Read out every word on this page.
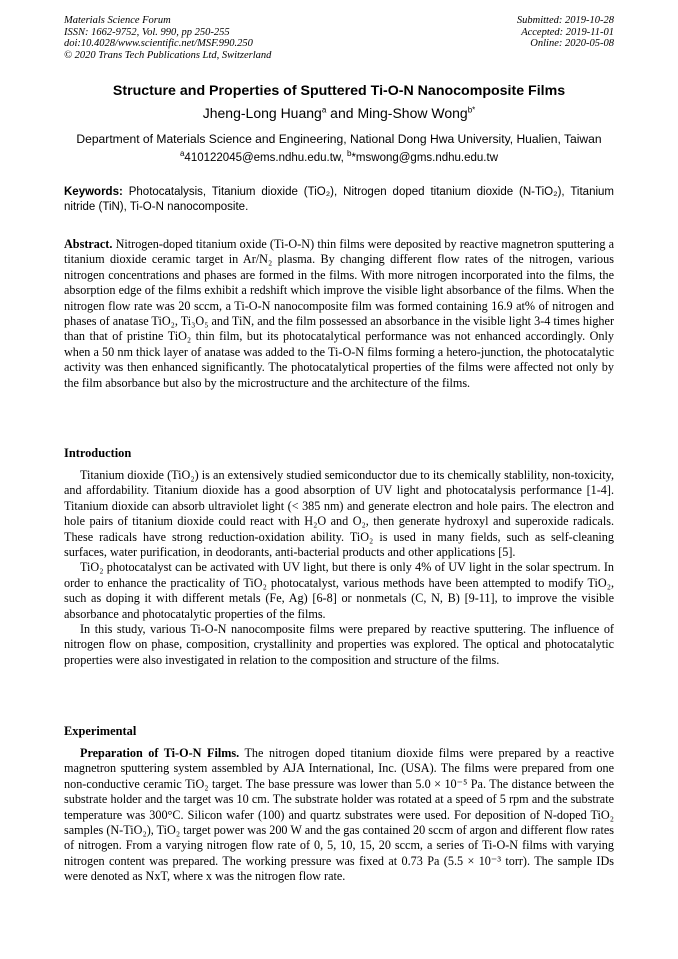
Materials Science Forum
ISSN: 1662-9752, Vol. 990, pp 250-255
doi:10.4028/www.scientific.net/MSF.990.250
© 2020 Trans Tech Publications Ltd, Switzerland
Submitted: 2019-10-28
Accepted: 2019-11-01
Online: 2020-05-08
Structure and Properties of Sputtered Ti-O-N Nanocomposite Films
Jheng-Long Huang$^a$ and Ming-Show Wong$^{b*}$
Department of Materials Science and Engineering, National Dong Hwa University, Hualien, Taiwan
$^a$410122045@ems.ndhu.edu.tw, $^b$*mswong@gms.ndhu.edu.tw
Keywords: Photocatalysis, Titanium dioxide (TiO₂), Nitrogen doped titanium dioxide (N-TiO₂), Titanium nitride (TiN), Ti-O-N nanocomposite.
Abstract. Nitrogen-doped titanium oxide (Ti-O-N) thin films were deposited by reactive magnetron sputtering a titanium dioxide ceramic target in Ar/N₂ plasma. By changing different flow rates of the nitrogen, various nitrogen concentrations and phases are formed in the films. With more nitrogen incorporated into the films, the absorption edge of the films exhibit a redshift which improve the visible light absorbance of the films. When the nitrogen flow rate was 20 sccm, a Ti-O-N nanocomposite film was formed containing 16.9 at% of nitrogen and phases of anatase TiO₂, Ti₃O₅ and TiN, and the film possessed an absorbance in the visible light 3-4 times higher than that of pristine TiO₂ thin film, but its photocatalytical performance was not enhanced accordingly. Only when a 50 nm thick layer of anatase was added to the Ti-O-N films forming a hetero-junction, the photocatalytic activity was then enhanced significantly. The photocatalytical properties of the films were affected not only by the film absorbance but also by the microstructure and the architecture of the films.
Introduction

Titanium dioxide (TiO₂) is an extensively studied semiconductor due to its chemically stablility, non-toxicity, and affordability. Titanium dioxide has a good absorption of UV light and photocatalysis performance [1-4]. Titanium dioxide can absorb ultraviolet light (< 385 nm) and generate electron and hole pairs. The electron and hole pairs of titanium dioxide could react with H₂O and O₂, then generate hydroxyl and superoxide radicals. These radicals have strong reduction-oxidation ability. TiO₂ is used in many fields, such as self-cleaning surfaces, water purification, in deodorants, anti-bacterial products and other applications [5].

TiO₂ photocatalyst can be activated with UV light, but there is only 4% of UV light in the solar spectrum. In order to enhance the practicality of TiO₂ photocatalyst, various methods have been attempted to modify TiO₂, such as doping it with different metals (Fe, Ag) [6-8] or nonmetals (C, N, B) [9-11], to improve the visible absorbance and photocatalytic properties of the films.

In this study, various Ti-O-N nanocomposite films were prepared by reactive sputtering. The influence of nitrogen flow on phase, composition, crystallinity and properties was explored. The optical and photocatalytic properties were also investigated in relation to the composition and structure of the films.

Experimental

Preparation of Ti-O-N Films. The nitrogen doped titanium dioxide films were prepared by a reactive magnetron sputtering system assembled by AJA International, Inc. (USA). The films were prepared from one non-conductive ceramic TiO₂ target. The base pressure was lower than 5.0 × 10⁻⁵ Pa. The distance between the substrate holder and the target was 10 cm. The substrate holder was rotated at a speed of 5 rpm and the substrate temperature was 300°C. Silicon wafer (100) and quartz substrates were used. For deposition of N-doped TiO₂ samples (N-TiO₂), TiO₂ target power was 200 W and the gas contained 20 sccm of argon and different flow rates of nitrogen. From a varying nitrogen flow rate of 0, 5, 10, 15, 20 sccm, a series of Ti-O-N films with varying nitrogen content was prepared. The working pressure was fixed at 0.73 Pa (5.5 × 10⁻³ torr). The sample IDs were denoted as NxT, where x was the nitrogen flow rate.
